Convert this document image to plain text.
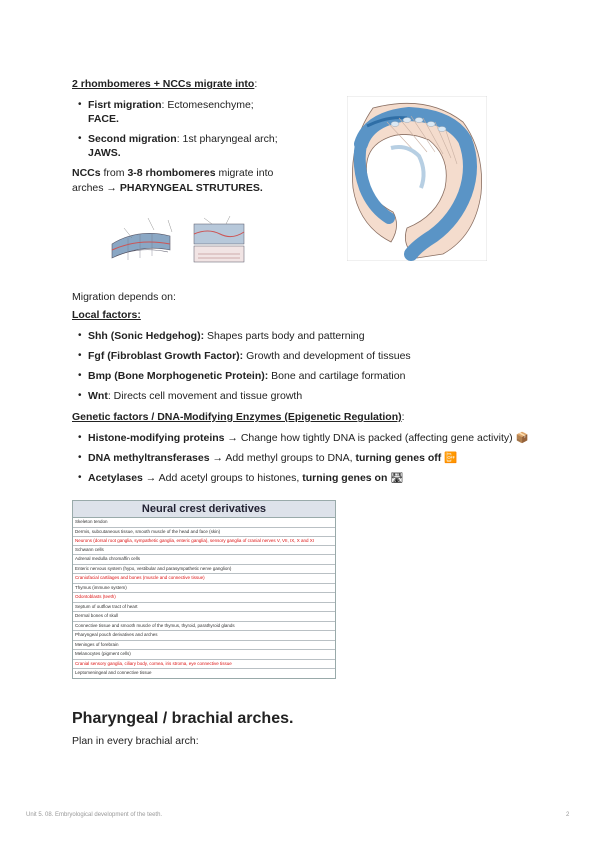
2 rhombomeres + NCCs migrate into:
• Fisrt migration: Ectomesenchyme;
FACE.
• Second migration: 1st pharyngeal arch;
JAWS.
NCCs from 3-8 rhombomeres migrate into
arches → PHARYNGEAL STRUTURES.
Migration depends on:
Local factors:
• Shh (Sonic Hedgehog): Shapes parts body and patterning
• Fgf (Fibroblast Growth Factor): Growth and development of tissues
• Bmp (Bone Morphogenetic Protein): Bone and cartilage formation
• Wnt: Directs cell movement and tissue growth
Genetic factors / DNA-Modifying Enzymes (Epigenetic Regulation):
• Histone-modifying proteins → Change how tightly DNA is packed (affecting gene activity) 📦
• DNA methyltransferases → Add methyl groups to DNA, turning genes off 📴
• Acetylases → Add acetyl groups to histones, turning genes on 🛣
Neural crest derivatives
Skeleton tendon
Dermis, subcutaneous tissue, smooth muscle of the head and face (skin)
Neurons (dorsal root ganglia, sympathetic ganglia, enteric ganglia), sensory ganglia of cranial nerves V, VII, IX, X and XI
Schwann cells
Adrenal medulla chromaffin cells
Enteric nervous system (hypo, vestibular and parasympathetic nerve ganglion)
Craniofacial cartilages and bones (muscle and connective tissue)
Thymus (immune system)
Odontoblasts (teeth)
Septum of outflow tract of heart
Dermal bones of skull
Connective tissue and smooth muscle of the thymus, thyroid, parathyroid glands
Pharyngeal pouch derivatives and arches
Meninges of forebrain
Melanocytes (pigment cells)
Cranial sensory ganglia, ciliary body, cornea, iris stroma, eye connective tissue
Leptomeningeal and connective tissue
Pharyngeal / brachial arches.
Plan in every brachial arch:
Unit 5. 08. Embryological development of the teeth.	2
